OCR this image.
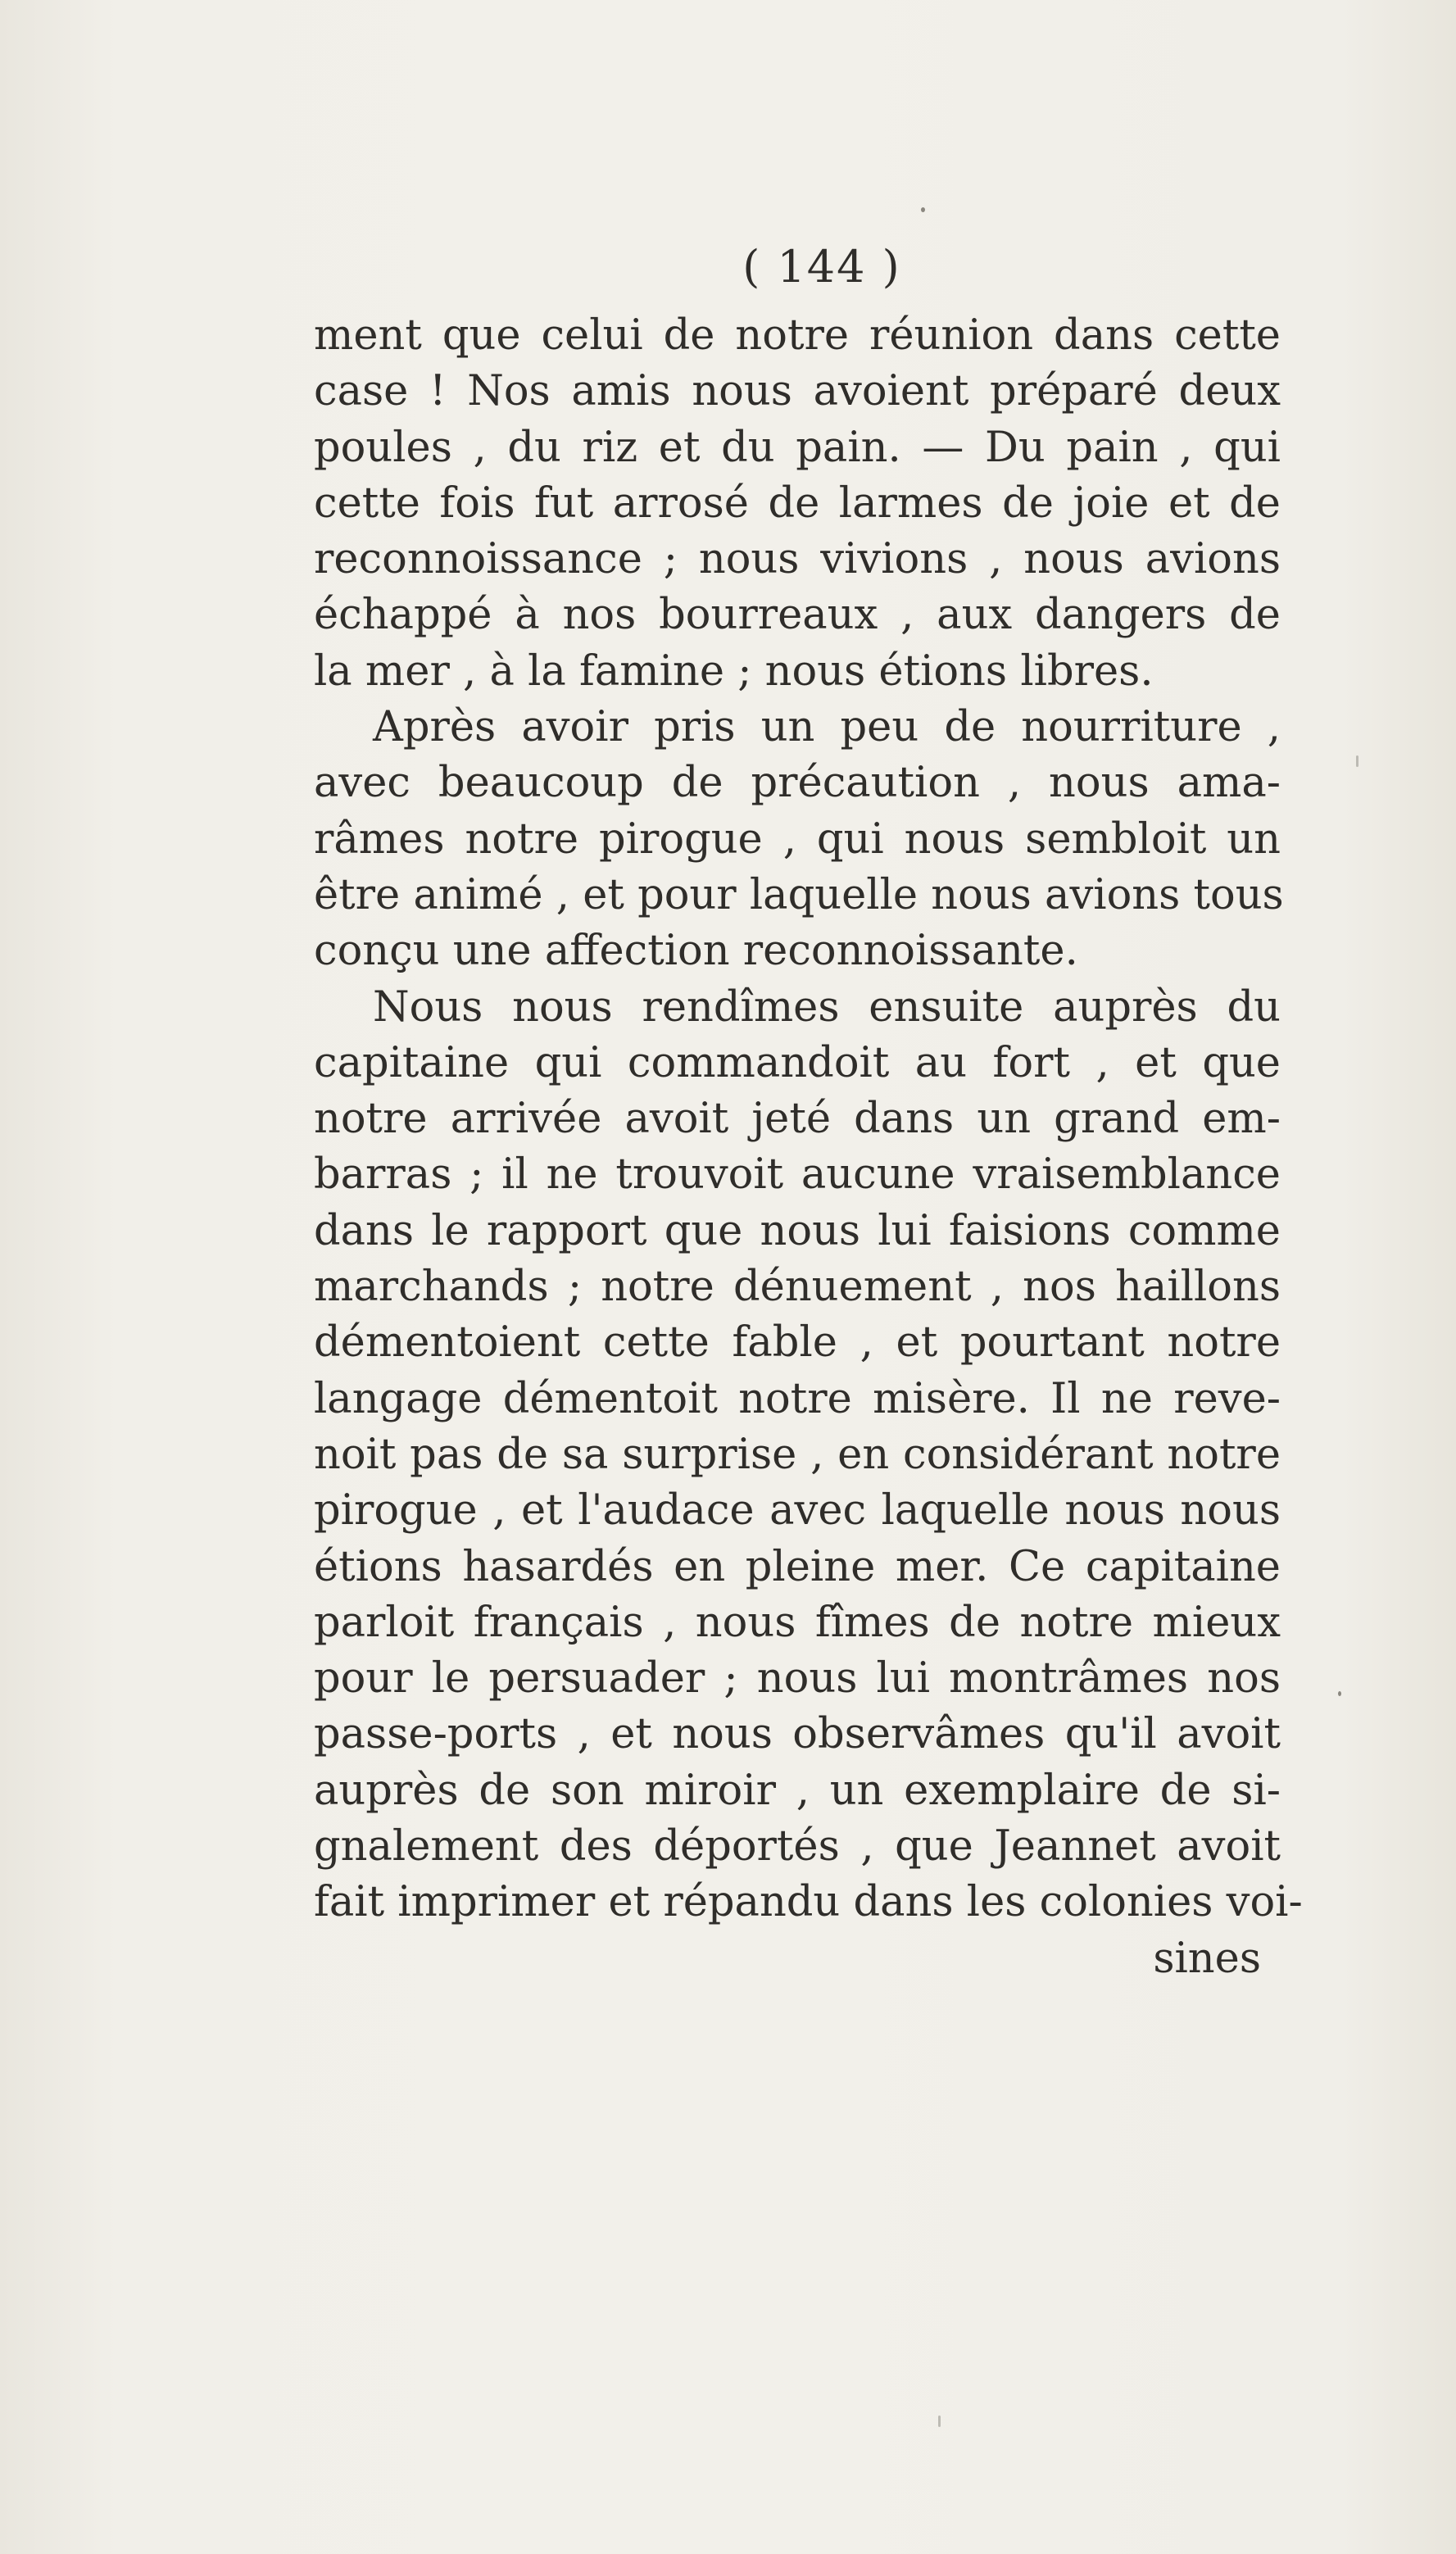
( 144 )
ment que celui de notre réunion dans cette
case ! Nos amis nous avoient préparé deux
poules , du riz et du pain. — Du pain , qui
cette fois fut arrosé de larmes de joie et de
reconnoissance ; nous vivions , nous avions
échappé à nos bourreaux , aux dangers de
la mer , à la famine ; nous étions libres.
Après avoir pris un peu de nourriture ,
avec beaucoup de précaution , nous ama-
râmes notre pirogue , qui nous sembloit un
être animé , et pour laquelle nous avions tous
conçu une affection reconnoissante.
Nous nous rendîmes ensuite auprès du
capitaine qui commandoit au fort , et que
notre arrivée avoit jeté dans un grand em-
barras ; il ne trouvoit aucune vraisemblance
dans le rapport que nous lui faisions comme
marchands ; notre dénuement , nos haillons
démentoient cette fable , et pourtant notre
langage démentoit notre misère. Il ne reve-
noit pas de sa surprise , en considérant notre
pirogue , et l'audace avec laquelle nous nous
étions hasardés en pleine mer. Ce capitaine
parloit français , nous fîmes de notre mieux
pour le persuader ; nous lui montrâmes nos
passe-ports , et nous observâmes qu'il avoit
auprès de son miroir , un exemplaire de si-
gnalement des déportés , que Jeannet avoit
fait imprimer et répandu dans les colonies voi-
sines
